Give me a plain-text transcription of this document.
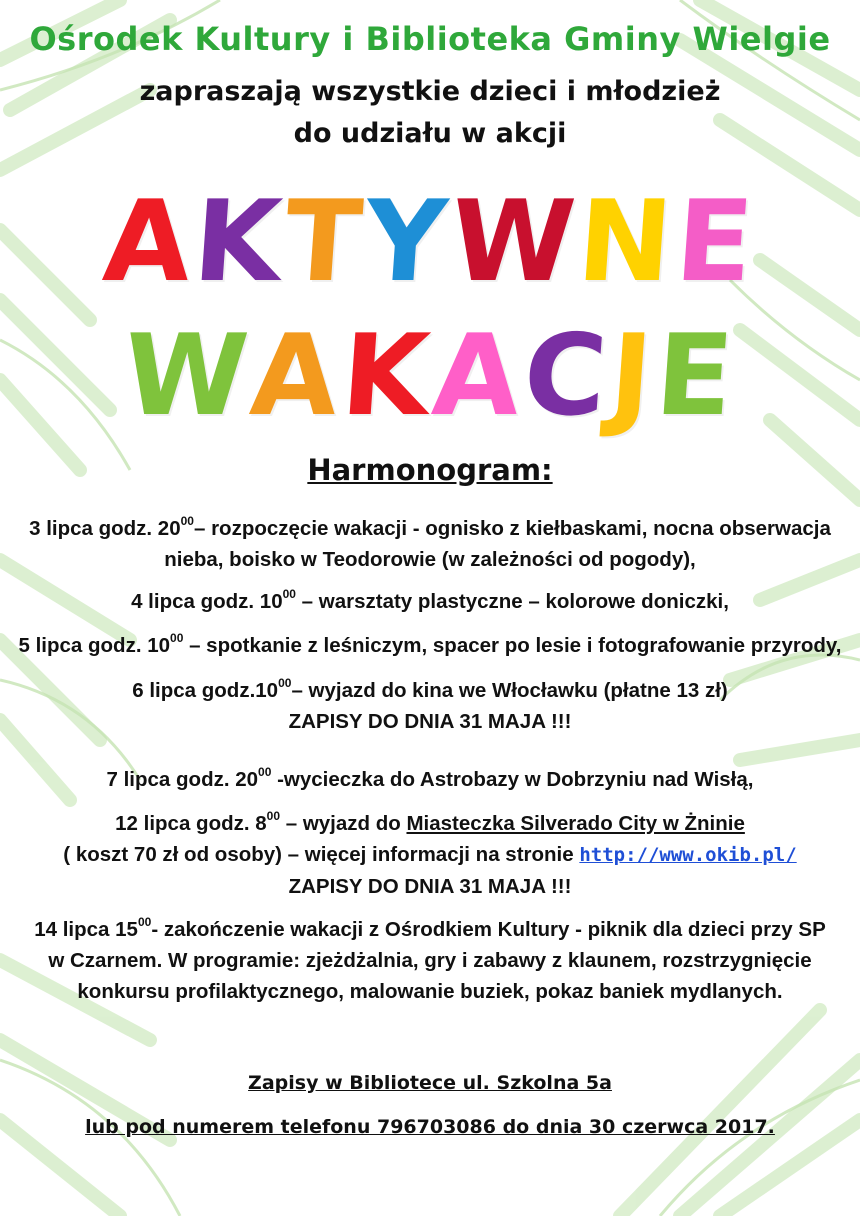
Ośrodek Kultury i Biblioteka Gminy Wielgie
zapraszają wszystkie dzieci i młodzież
do udziału w akcji
AKTYWNE
WAKACJE
Harmonogram:
3 lipca godz. $20^{00}-$ rozpoczęcie wakacji - ognisko z kiełbaskami, nocna obserwacja
nieba, boisko w Teodorowie (w zależności od pogody),
4 lipca godz. $10^{00}$ – warsztaty plastyczne – kolorowe doniczki,
5 lipca godz. $10^{00}$ – spotkanie z leśniczym, spacer po lesie i fotografowanie przyrody,
6 lipca $godz.10^{00}-$ wyjazd do kina we Włocławku (płatne 13 zł)
ZAPISY DO DNIA 31 MAJA !!!
7 lipca godz. $20^{00}$ -wycieczka do Astrobazy w Dobrzyniu nad Wisłą,
12 lipca godz. $8^{00}$ – wyjazd do Miasteczka Silverado City w Żninie
( koszt 70 zł od osoby) – więcej informacji na stronie http://www.okib.pl/
ZAPISY DO DNIA 31 MAJA !!!
14 lipca $15^{00}-$ zakończenie wakacji z Ośrodkiem Kultury - piknik dla dzieci przy SP
w Czarnem. W programie: zjeżdżalnia, gry i zabawy z klaunem, rozstrzygnięcie
konkursu profilaktycznego, malowanie buziek, pokaz baniek mydlanych.
Zapisy w Bibliotece ul. Szkolna 5a
lub pod numerem telefonu 796703086 do dnia 30 czerwca 2017.
